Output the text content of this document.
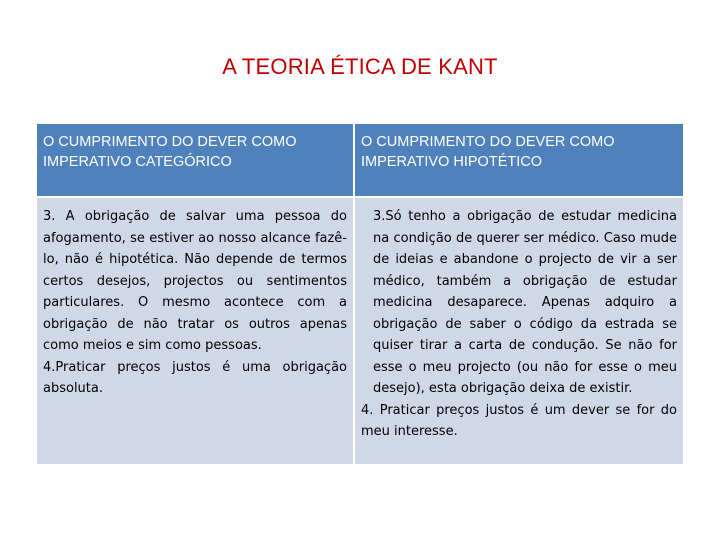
A TEORIA ÉTICA DE KANT
O CUMPRIMENTO DO DEVER COMO IMPERATIVO CATEGÓRICO
O CUMPRIMENTO DO DEVER COMO IMPERATIVO HIPOTÉTICO

3. A obrigação de salvar uma pessoa do afogamento, se estiver ao nosso alcance fazê-lo, não é hipotética. Não depende de termos certos desejos, projectos ou sentimentos particulares. O mesmo acontece com a obrigação de não tratar os outros apenas como meios e sim como pessoas.

4.Praticar preços justos é uma obrigação absoluta.

3.Só tenho a obrigação de estudar medicina na condição de querer ser médico. Caso mude de ideias e abandone o projecto de vir a ser médico, também a obrigação de estudar medicina desaparece. Apenas adquiro a obrigação de saber o código da estrada se quiser tirar a carta de condução. Se não for esse o meu projecto (ou não for esse o meu desejo), esta obrigação deixa de existir.

4. Praticar preços justos é um dever se for do meu interesse.
